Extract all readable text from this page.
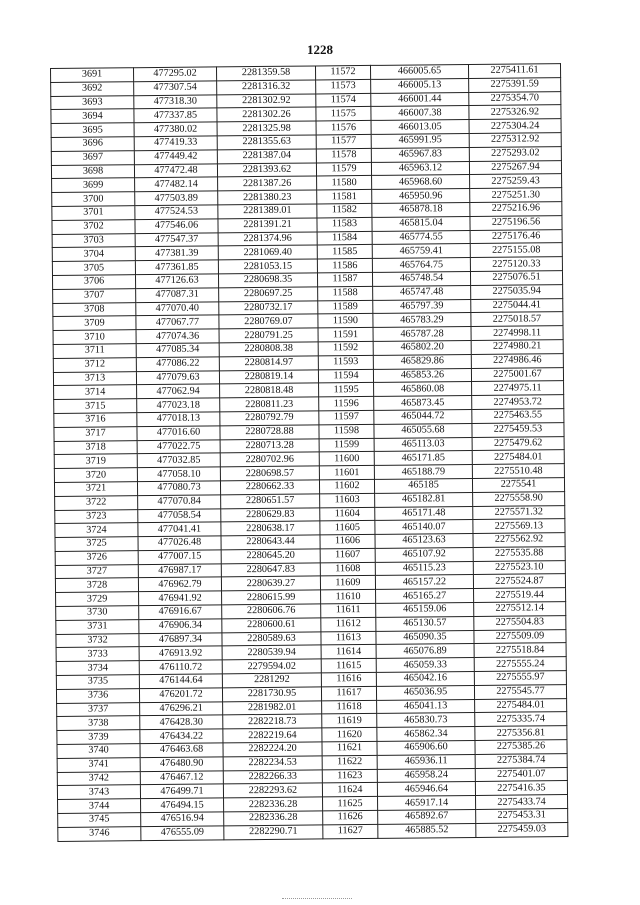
1228
3691	477295.02	2281359.58	11572	466005.65	2275411.61
3692	477307.54	2281316.32	11573	466005.13	2275391.59
3693	477318.30	2281302.92	11574	466001.44	2275354.70
3694	477337.85	2281302.26	11575	466007.38	2275326.92
3695	477380.02	2281325.98	11576	466013.05	2275304.24
3696	477419.33	2281355.63	11577	465991.95	2275312.92
3697	477449.42	2281387.04	11578	465967.83	2275293.02
3698	477472.48	2281393.62	11579	465963.12	2275267.94
3699	477482.14	2281387.26	11580	465968.60	2275259.43
3700	477503.89	2281380.23	11581	465950.96	2275251.30
3701	477524.53	2281389.01	11582	465878.18	2275216.96
3702	477546.06	2281391.21	11583	465815.04	2275196.56
3703	477547.37	2281374.96	11584	465774.55	2275176.46
3704	477381.39	2281069.40	11585	465759.41	2275155.08
3705	477361.85	2281053.15	11586	465764.75	2275120.33
3706	477126.63	2280698.35	11587	465748.54	2275076.51
3707	477087.31	2280697.25	11588	465747.48	2275035.94
3708	477070.40	2280732.17	11589	465797.39	2275044.41
3709	477067.77	2280769.07	11590	465783.29	2275018.57
3710	477074.36	2280791.25	11591	465787.28	2274998.11
3711	477085.34	2280808.38	11592	465802.20	2274980.21
3712	477086.22	2280814.97	11593	465829.86	2274986.46
3713	477079.63	2280819.14	11594	465853.26	2275001.67
3714	477062.94	2280818.48	11595	465860.08	2274975.11
3715	477023.18	2280811.23	11596	465873.45	2274953.72
3716	477018.13	2280792.79	11597	465044.72	2275463.55
3717	477016.60	2280728.88	11598	465055.68	2275459.53
3718	477022.75	2280713.28	11599	465113.03	2275479.62
3719	477032.85	2280702.96	11600	465171.85	2275484.01
3720	477058.10	2280698.57	11601	465188.79	2275510.48
3721	477080.73	2280662.33	11602	465185	2275541
3722	477070.84	2280651.57	11603	465182.81	2275558.90
3723	477058.54	2280629.83	11604	465171.48	2275571.32
3724	477041.41	2280638.17	11605	465140.07	2275569.13
3725	477026.48	2280643.44	11606	465123.63	2275562.92
3726	477007.15	2280645.20	11607	465107.92	2275535.88
3727	476987.17	2280647.83	11608	465115.23	2275523.10
3728	476962.79	2280639.27	11609	465157.22	2275524.87
3729	476941.92	2280615.99	11610	465165.27	2275519.44
3730	476916.67	2280606.76	11611	465159.06	2275512.14
3731	476906.34	2280600.61	11612	465130.57	2275504.83
3732	476897.34	2280589.63	11613	465090.35	2275509.09
3733	476913.92	2280539.94	11614	465076.89	2275518.84
3734	476110.72	2279594.02	11615	465059.33	2275555.24
3735	476144.64	2281292	11616	465042.16	2275555.97
3736	476201.72	2281730.95	11617	465036.95	2275545.77
3737	476296.21	2281982.01	11618	465041.13	2275484.01
3738	476428.30	2282218.73	11619	465830.73	2275335.74
3739	476434.22	2282219.64	11620	465862.34	2275356.81
3740	476463.68	2282224.20	11621	465906.60	2275385.26
3741	476480.90	2282234.53	11622	465936.11	2275384.74
3742	476467.12	2282266.33	11623	465958.24	2275401.07
3743	476499.71	2282293.62	11624	465946.64	2275416.35
3744	476494.15	2282336.28	11625	465917.14	2275433.74
3745	476516.94	2282336.28	11626	465892.67	2275453.31
3746	476555.09	2282290.71	11627	465885.52	2275459.03
